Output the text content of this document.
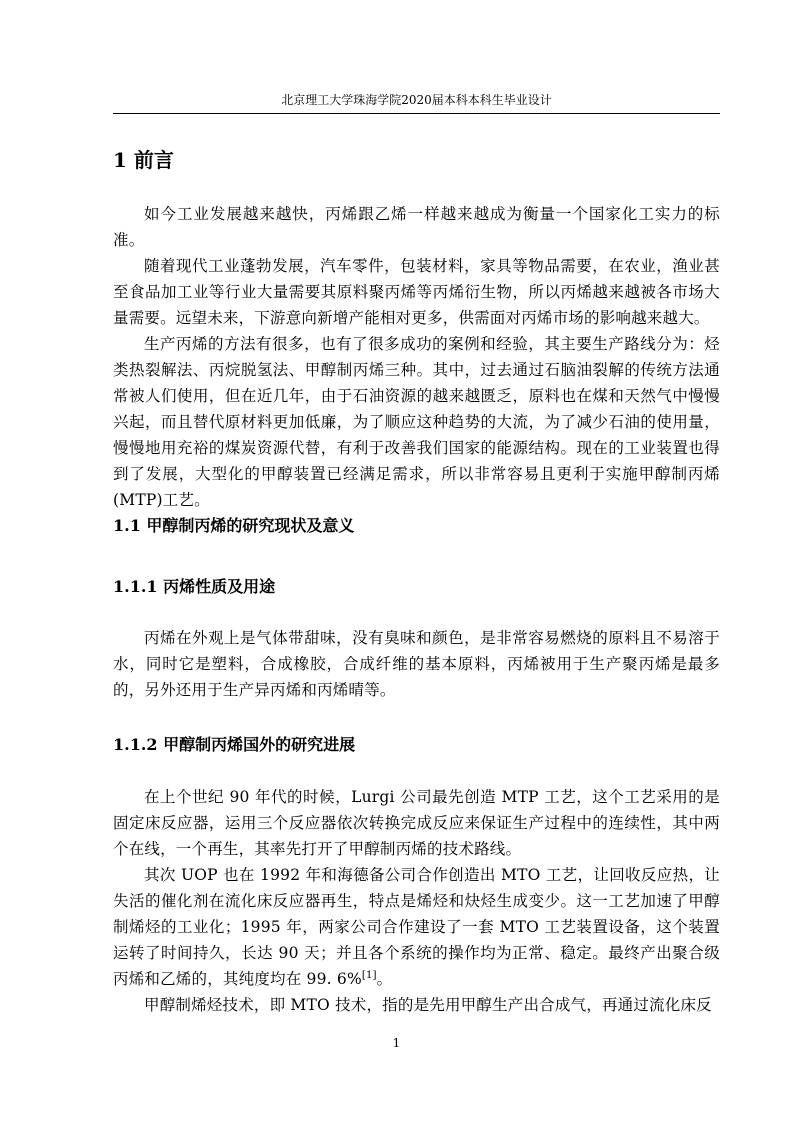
北京理工大学珠海学院2020届本科本科生毕业设计
1 前言

如今工业发展越来越快，丙烯跟乙烯一样越来越成为衡量一个国家化工实力的标准。

随着现代工业蓬勃发展，汽车零件，包装材料，家具等物品需要，在农业，渔业甚至食品加工业等行业大量需要其原料聚丙烯等丙烯衍生物，所以丙烯越来越被各市场大量需要。远望未来，下游意向新增产能相对更多，供需面对丙烯市场的影响越来越大。

生产丙烯的方法有很多，也有了很多成功的案例和经验，其主要生产路线分为：烃类热裂解法、丙烷脱氢法、甲醇制丙烯三种。其中，过去通过石脑油裂解的传统方法通常被人们使用，但在近几年，由于石油资源的越来越匮乏，原料也在煤和天然气中慢慢兴起，而且替代原材料更加低廉，为了顺应这种趋势的大流，为了减少石油的使用量，慢慢地用充裕的煤炭资源代替，有利于改善我们国家的能源结构。现在的工业装置也得到了发展，大型化的甲醇装置已经满足需求，所以非常容易且更利于实施甲醇制丙烯(MTP)工艺。

1.1 甲醇制丙烯的研究现状及意义
1.1.1 丙烯性质及用途

丙烯在外观上是气体带甜味，没有臭味和颜色，是非常容易燃烧的原料且不易溶于水，同时它是塑料，合成橡胶，合成纤维的基本原料，丙烯被用于生产聚丙烯是最多的，另外还用于生产异丙烯和丙烯晴等。

1.1.2 甲醇制丙烯国外的研究进展

在上个世纪 90 年代的时候，Lurgi 公司最先创造 MTP 工艺，这个工艺采用的是固定床反应器，运用三个反应器依次转换完成反应来保证生产过程中的连续性，其中两个在线，一个再生，其率先打开了甲醇制丙烯的技术路线。

其次 UOP 也在 1992 年和海德备公司合作创造出 MTO 工艺，让回收反应热，让失活的催化剂在流化床反应器再生，特点是烯烃和炔烃生成变少。这一工艺加速了甲醇制烯烃的工业化；1995 年，两家公司合作建设了一套 MTO 工艺装置设备，这个装置运转了时间持久，长达 90 天；并且各个系统的操作均为正常、稳定。最终产出聚合级丙烯和乙烯的，其纯度均在 99. 6%[1]。

甲醇制烯烃技术，即 MTO 技术，指的是先用甲醇生产出合成气，再通过流化床反

1
